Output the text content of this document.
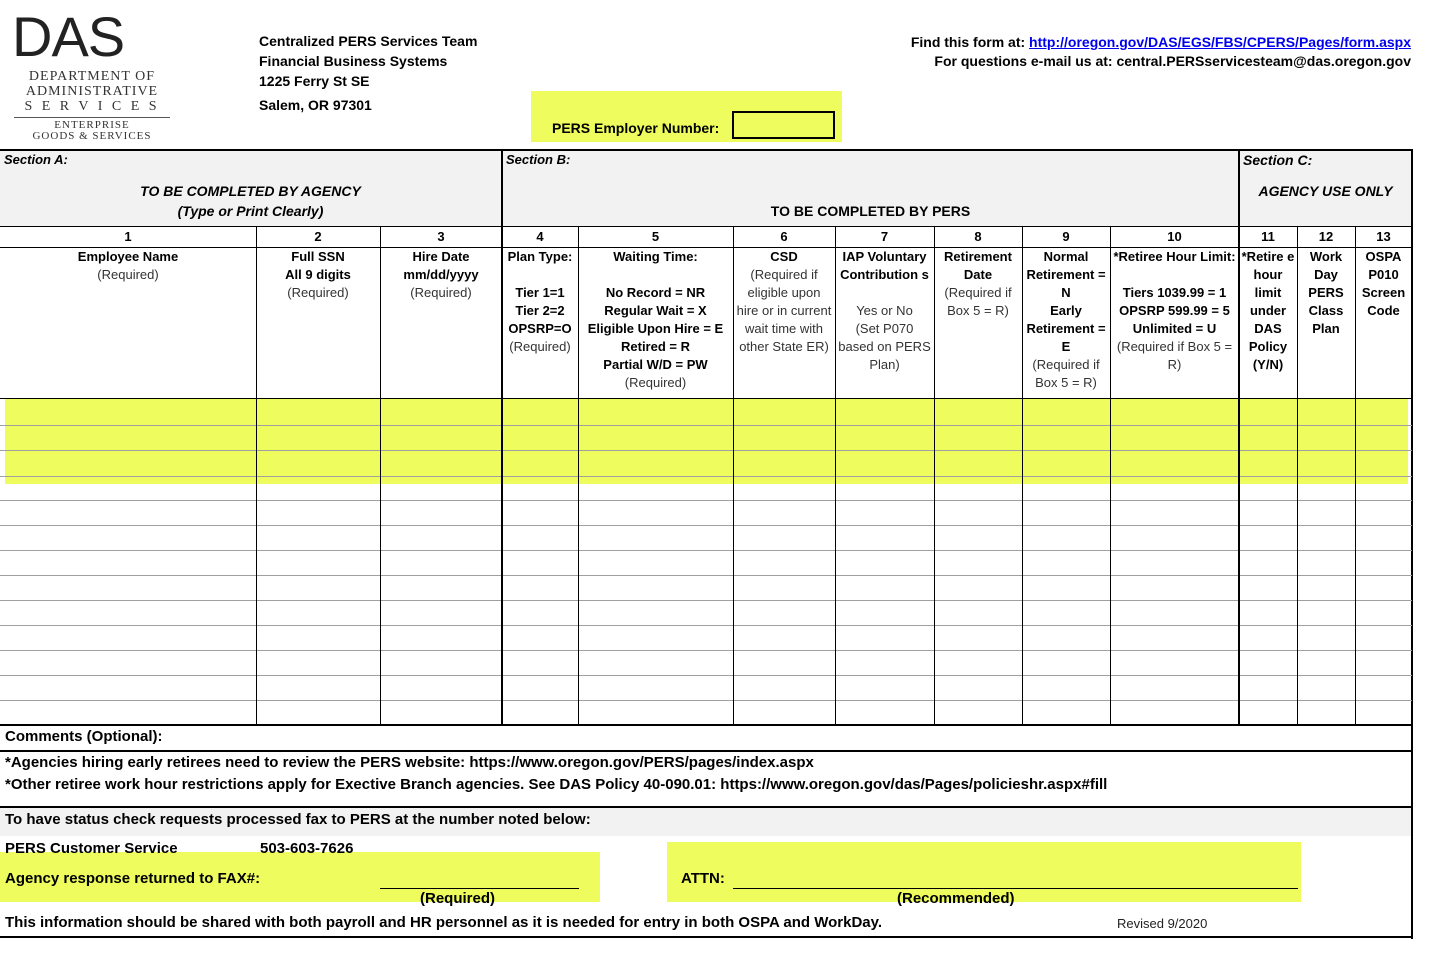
DAS
DEPARTMENT OF
ADMINISTRATIVE
S E R V I C E S
ENTERPRISE
GOODS & SERVICES
Centralized PERS Services Team
Financial Business Systems
1225 Ferry St SE
Salem, OR 97301
Find this form at: http://oregon.gov/DAS/EGS/FBS/CPERS/Pages/form.aspx
For questions e-mail us at: central.PERSservicesteam@das.oregon.gov
PERS Employer Number:
Section A:
TO BE COMPLETED BY AGENCY
(Type or Print Clearly)
Section B:
TO BE COMPLETED BY PERS
Section C:
AGENCY USE ONLY
1
Employee Name
(Required)
2
Full SSN
All 9 digits
(Required)
3
Hire Date
mm/dd/yyyy
(Required)
4
Plan Type:

Tier 1=1
Tier 2=2
OPSRP=O
(Required)
5
Waiting Time:

No Record = NR
Regular Wait = X
Eligible Upon Hire = E
Retired = R
Partial W/D = PW
(Required)
6
CSD
(Required if eligible upon hire or in current wait time with other State ER)
7
IAP Voluntary Contribution s

Yes or No
(Set P070 based on PERS Plan)
8
Retirement Date
(Required if Box 5 = R)
9
Normal Retirement = N
Early Retirement = E
(Required if Box 5 = R)
10
*Retiree Hour Limit:

Tiers 1039.99 = 1
OPSRP 599.99 = 5
Unlimited = U
(Required if Box 5 = R)
11
*Retire e hour limit under DAS Policy (Y/N)
12
Work Day PERS Class Plan
13
OSPA P010 Screen Code
Comments (Optional):
*Agencies hiring early retirees need to review the PERS website: https://www.oregon.gov/PERS/pages/index.aspx
*Other retiree work hour restrictions apply for Exective Branch agencies. See DAS Policy 40-090.01: https://www.oregon.gov/das/Pages/policieshr.aspx#fill
To have status check requests processed fax to PERS at the number noted below:
PERS Customer Service	503-603-7626
Agency response returned to FAX#:
(Required)
ATTN:
(Recommended)
This information should be shared with both payroll and HR personnel as it is needed for entry in both OSPA and WorkDay.	Revised 9/2020
